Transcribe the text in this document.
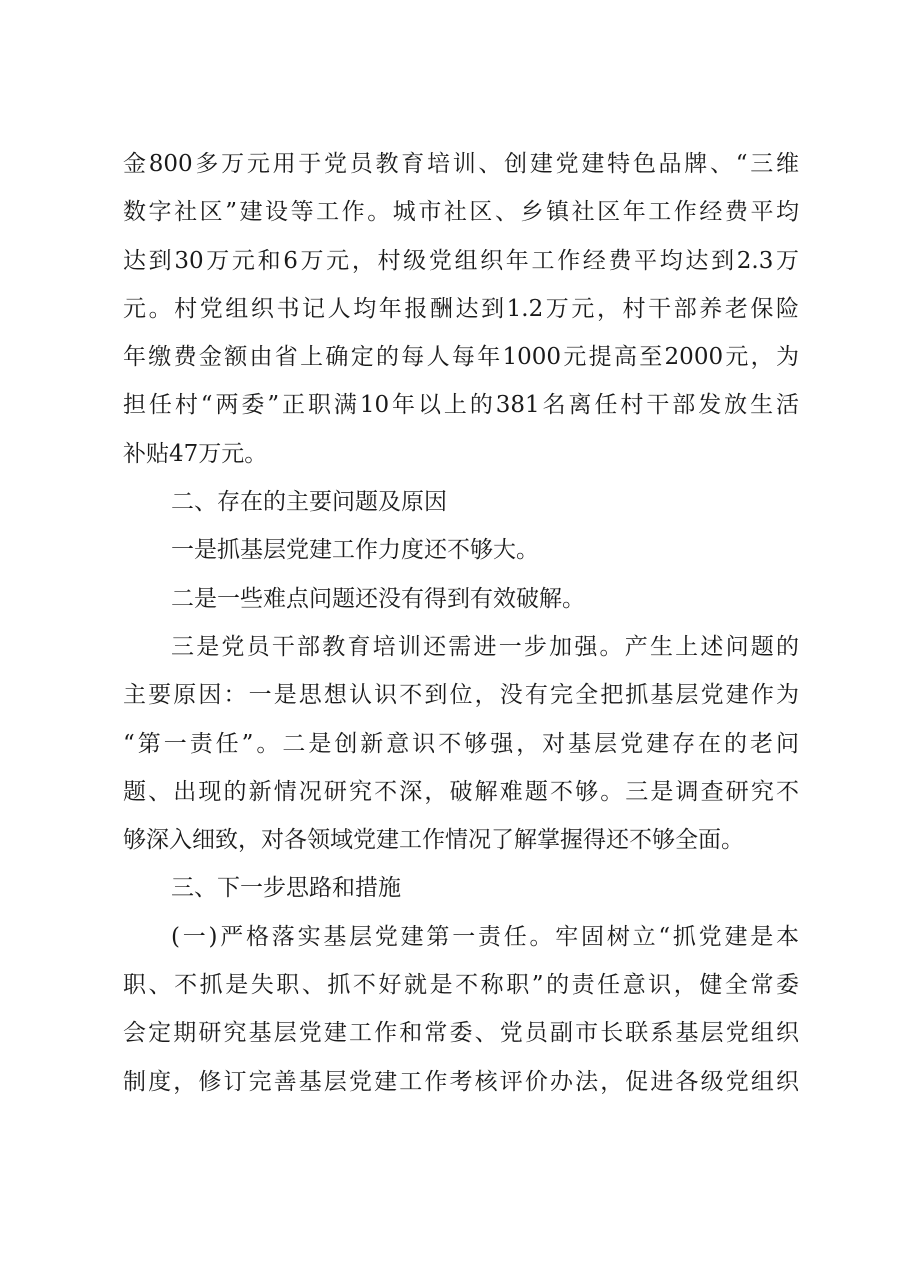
金800多万元用于党员教育培训、创建党建特色品牌、“三维
数字社区”建设等工作。城市社区、乡镇社区年工作经费平均
达到30万元和6万元，村级党组织年工作经费平均达到2.3万
元。村党组织书记人均年报酬达到1.2万元，村干部养老保险
年缴费金额由省上确定的每人每年1000元提高至2000元，为
担任村“两委”正职满10年以上的381名离任村干部发放生活
补贴47万元。
二、存在的主要问题及原因
一是抓基层党建工作力度还不够大。
二是一些难点问题还没有得到有效破解。
三是党员干部教育培训还需进一步加强。产生上述问题的
主要原因：一是思想认识不到位，没有完全把抓基层党建作为
“第一责任”。二是创新意识不够强，对基层党建存在的老问
题、出现的新情况研究不深，破解难题不够。三是调查研究不
够深入细致，对各领域党建工作情况了解掌握得还不够全面。
三、下一步思路和措施
(一)严格落实基层党建第一责任。牢固树立“抓党建是本
职、不抓是失职、抓不好就是不称职”的责任意识，健全常委
会定期研究基层党建工作和常委、党员副市长联系基层党组织
制度，修订完善基层党建工作考核评价办法，促进各级党组织
